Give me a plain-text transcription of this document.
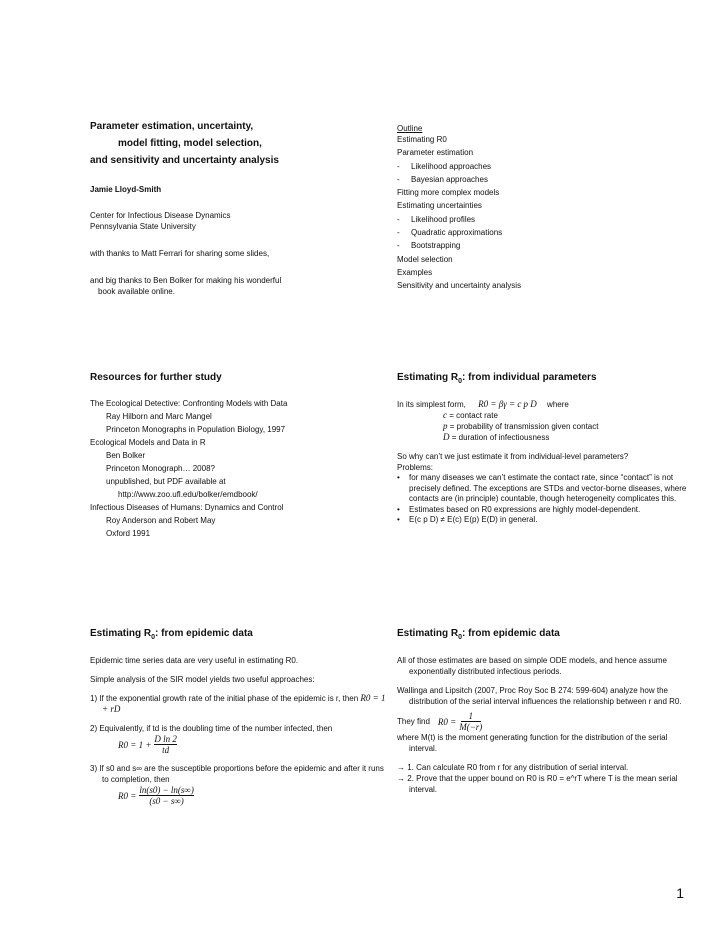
Parameter estimation, uncertainty,
model fitting, model selection,
and sensitivity and uncertainty analysis
Jamie Lloyd-Smith
Center for Infectious Disease Dynamics
Pennsylvania State University
with thanks to Matt Ferrari for sharing some slides,
and big thanks to Ben Bolker for making his wonderful
book available online.
Outline
Estimating R0
Parameter estimation
- Likelihood approaches
- Bayesian approaches
Fitting more complex models
Estimating uncertainties
- Likelihood profiles
- Quadratic approximations
- Bootstrapping
Model selection
Examples
Sensitivity and uncertainty analysis
Resources for further study
The Ecological Detective: Confronting Models with Data
Ray Hilborn and Marc Mangel
Princeton Monographs in Population Biology, 1997
Ecological Models and Data in R
Ben Bolker
Princeton Monograph… 2008?
unpublished, but PDF available at
http://www.zoo.ufl.edu/bolker/emdbook/
Infectious Diseases of Humans: Dynamics and Control
Roy Anderson and Robert May
Oxford 1991
Estimating $R_0$: from individual parameters
In its simplest form, R0 = βγ = c p D where
c = contact rate
p = probability of transmission given contact
D = duration of infectiousness
So why can’t we just estimate it from individual-level parameters?
Problems:
•	for many diseases we can’t estimate the contact rate, since “contact” is not precisely defined. The exceptions are STDs and vector-borne diseases, where contacts are (in principle) countable, though heterogeneity complicates this.
•	Estimates based on R0 expressions are highly model-dependent.
•	E(c p D) ≠ E(c) E(p) E(D) in general.
Estimating $R_0$: from epidemic data
Epidemic time series data are very useful in estimating R0.
Simple analysis of the SIR model yields two useful approaches:
1) If the exponential growth rate of the initial phase of the epidemic is r, then R0 = 1 + rD
2) Equivalently, if td is the doubling time of the number infected, then
$R0 = 1 + \frac{\text{D ln 2}}{td}$
3) If s0 and s∞ are the susceptible proportions before the epidemic and after it runs to completion, then
$R0 = \frac{\ln(s0) - \ln(s\infty)}{(s0 - s\infty)}$
Estimating $R_0$: from epidemic data
All of those estimates are based on simple ODE models, and hence assume exponentially distributed infectious periods.
Wallinga and Lipsitch (2007, Proc Roy Soc B 274: 599-604) analyze how the distribution of the serial interval influences the relationship between r and R0.
They find $R0 = \frac{1}{M(-r)}$
where M(t) is the moment generating function for the distribution of the serial interval.
→ 1. Can calculate R0 from r for any distribution of serial interval.
→ 2. Prove that the upper bound on R0 is R0 = e^rT where T is the mean serial interval.
1
